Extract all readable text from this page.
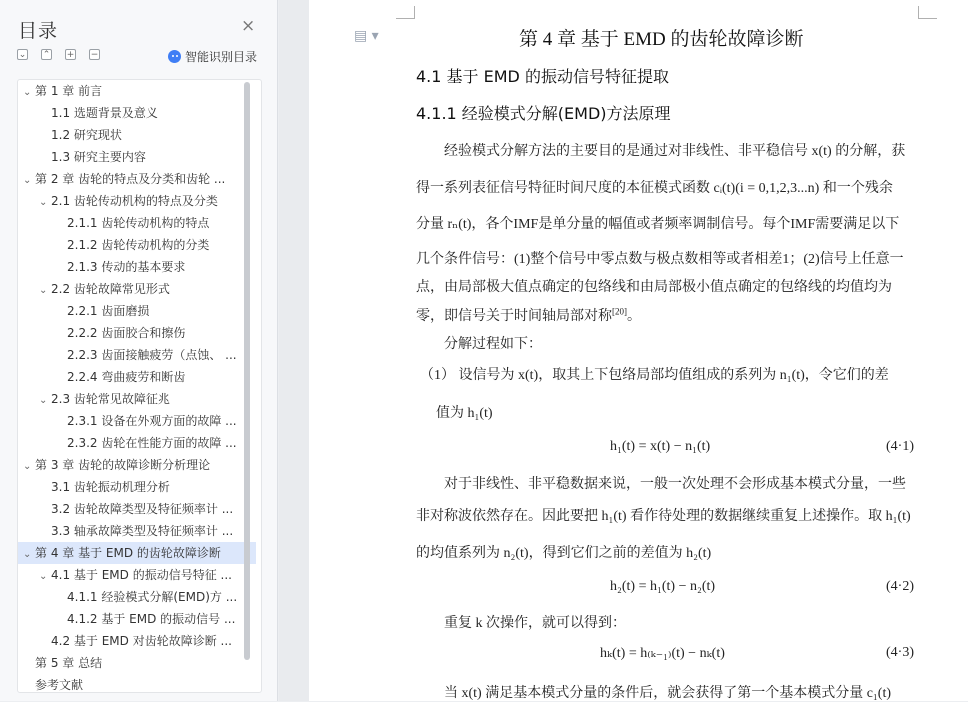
目录	×
⌄ ⌃ + −	智能识别目录
⌄ 第 1 章 前言
1.1 选题背景及意义
1.2 研究现状
1.3 研究主要内容
⌄ 第 2 章 齿轮的特点及分类和齿轮 ...
⌄ 2.1 齿轮传动机构的特点及分类
2.1.1 齿轮传动机构的特点
2.1.2 齿轮传动机构的分类
2.1.3 传动的基本要求
⌄ 2.2 齿轮故障常见形式
2.2.1 齿面磨损
2.2.2 齿面胶合和擦伤
2.2.3 齿面接触疲劳（点蚀、 ...
2.2.4 弯曲疲劳和断齿
⌄ 2.3 齿轮常见故障征兆
2.3.1 设备在外观方面的故障 ...
2.3.2 齿轮在性能方面的故障 ...
⌄ 第 3 章 齿轮的故障诊断分析理论
3.1 齿轮振动机理分析
3.2 齿轮故障类型及特征频率计 ...
3.3 轴承故障类型及特征频率计 ...
⌄ 第 4 章 基于 EMD 的齿轮故障诊断
⌄ 4.1 基于 EMD 的振动信号特征 ...
4.1.1 经验模式分解(EMD)方 ...
4.1.2 基于 EMD 的振动信号 ...
4.2 基于 EMD 对齿轮故障诊断 ...
第 5 章 总结
参考文献
▤ ▾	第 4 章 基于 EMD 的齿轮故障诊断
4.1 基于 EMD 的振动信号特征提取
4.1.1 经验模式分解(EMD)方法原理
经验模式分解方法的主要目的是通过对非线性、非平稳信号 x(t) 的分解，获
得一系列表征信号特征时间尺度的本征模式函数 cᵢ(t)(i = 0,1,2,3...n) 和一个残余
分量 rₙ(t)，各个IMF是单分量的幅值或者频率调制信号。每个IMF需要满足以下
几个条件信号：(1)整个信号中零点数与极点数相等或者相差1；(2)信号上任意一
点，由局部极大值点确定的包络线和由局部极小值点确定的包络线的均值均为
零，即信号关于时间轴局部对称[20]。
分解过程如下：
（1） 设信号为 x(t)，取其上下包络局部均值组成的系列为 n₁(t)，令它们的差
值为 h₁(t)
h₁(t) = x(t) − n₁(t)	(4·1)
对于非线性、非平稳数据来说，一般一次处理不会形成基本模式分量，一些
非对称波依然存在。因此要把 h₁(t) 看作待处理的数据继续重复上述操作。取 h₁(t)
的均值系列为 n₂(t)，得到它们之前的差值为 h₂(t)
h₂(t) = h₁(t) − n₂(t)	(4·2)
重复 k 次操作，就可以得到：
hₖ(t) = h₍ₖ₋₁₎(t) − nₖ(t)	(4·3)
当 x(t) 满足基本模式分量的条件后，就会获得了第一个基本模式分量 c₁(t)
